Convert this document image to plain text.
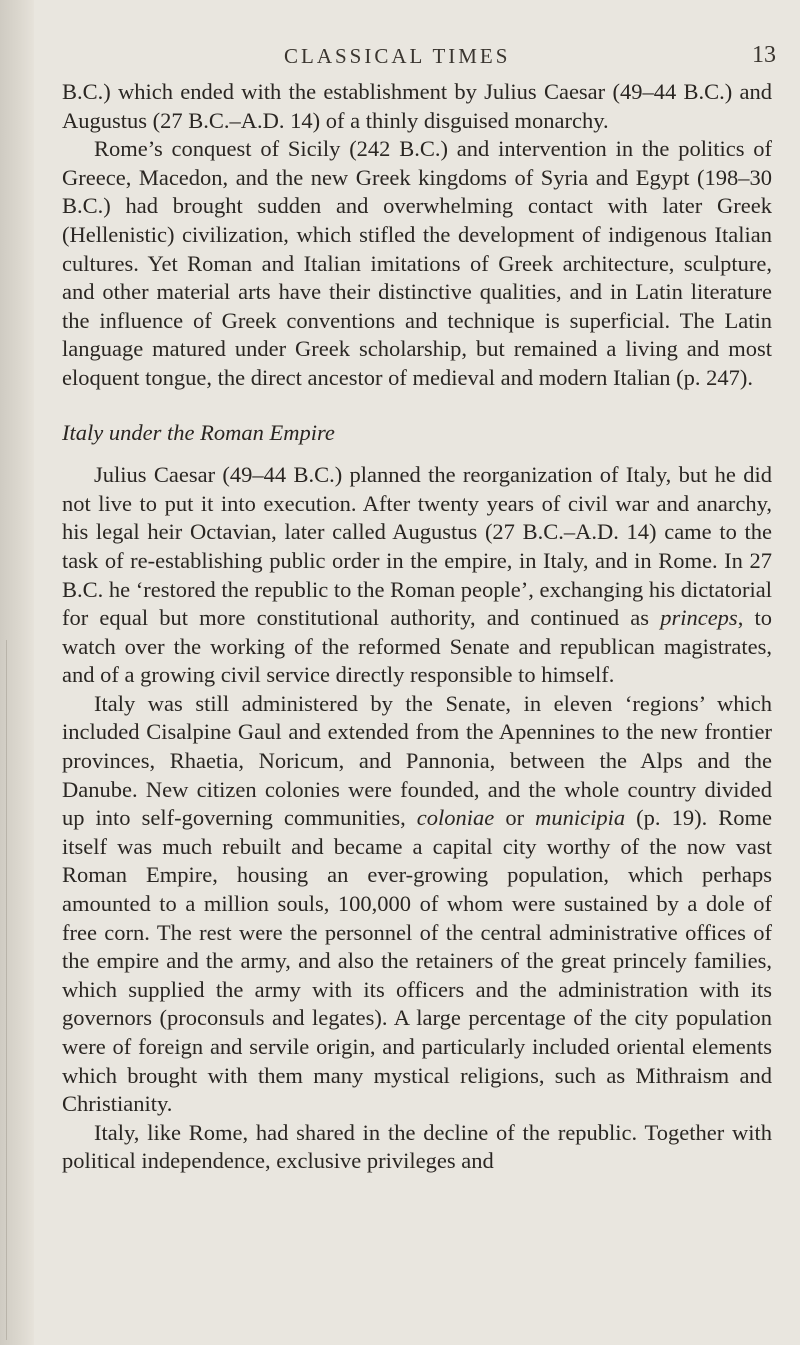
CLASSICAL TIMES	13

B.C.) which ended with the establishment by Julius Caesar (49–44 B.C.) and Augustus (27 B.C.–A.D. 14) of a thinly disguised monarchy.

Rome’s conquest of Sicily (242 B.C.) and intervention in the politics of Greece, Macedon, and the new Greek kingdoms of Syria and Egypt (198–30 B.C.) had brought sudden and overwhelming contact with later Greek (Hellenistic) civilization, which stifled the development of indigenous Italian cultures. Yet Roman and Italian imitations of Greek architecture, sculpture, and other material arts have their distinctive qualities, and in Latin literature the influence of Greek conventions and technique is superficial. The Latin language matured under Greek scholarship, but remained a living and most eloquent tongue, the direct ancestor of medieval and modern Italian (p. 247).

Italy under the Roman Empire

Julius Caesar (49–44 B.C.) planned the reorganization of Italy, but he did not live to put it into execution. After twenty years of civil war and anarchy, his legal heir Octavian, later called Augustus (27 B.C.–A.D. 14) came to the task of re-establishing public order in the empire, in Italy, and in Rome. In 27 B.C. he ‘restored the republic to the Roman people’, exchanging his dictatorial for equal but more constitutional authority, and continued as princeps, to watch over the working of the reformed Senate and republican magistrates, and of a growing civil service directly responsible to himself.

Italy was still administered by the Senate, in eleven ‘regions’ which included Cisalpine Gaul and extended from the Apennines to the new frontier provinces, Rhaetia, Noricum, and Pannonia, between the Alps and the Danube. New citizen colonies were founded, and the whole country divided up into self-governing communities, coloniae or municipia (p. 19). Rome itself was much rebuilt and became a capital city worthy of the now vast Roman Empire, housing an ever-growing population, which perhaps amounted to a million souls, 100,000 of whom were sustained by a dole of free corn. The rest were the personnel of the central administrative offices of the empire and the army, and also the retainers of the great princely families, which supplied the army with its officers and the administration with its governors (proconsuls and legates). A large percentage of the city population were of foreign and servile origin, and particularly included oriental elements which brought with them many mystical religions, such as Mithraism and Christianity.

Italy, like Rome, had shared in the decline of the republic. Together with political independence, exclusive privileges and
